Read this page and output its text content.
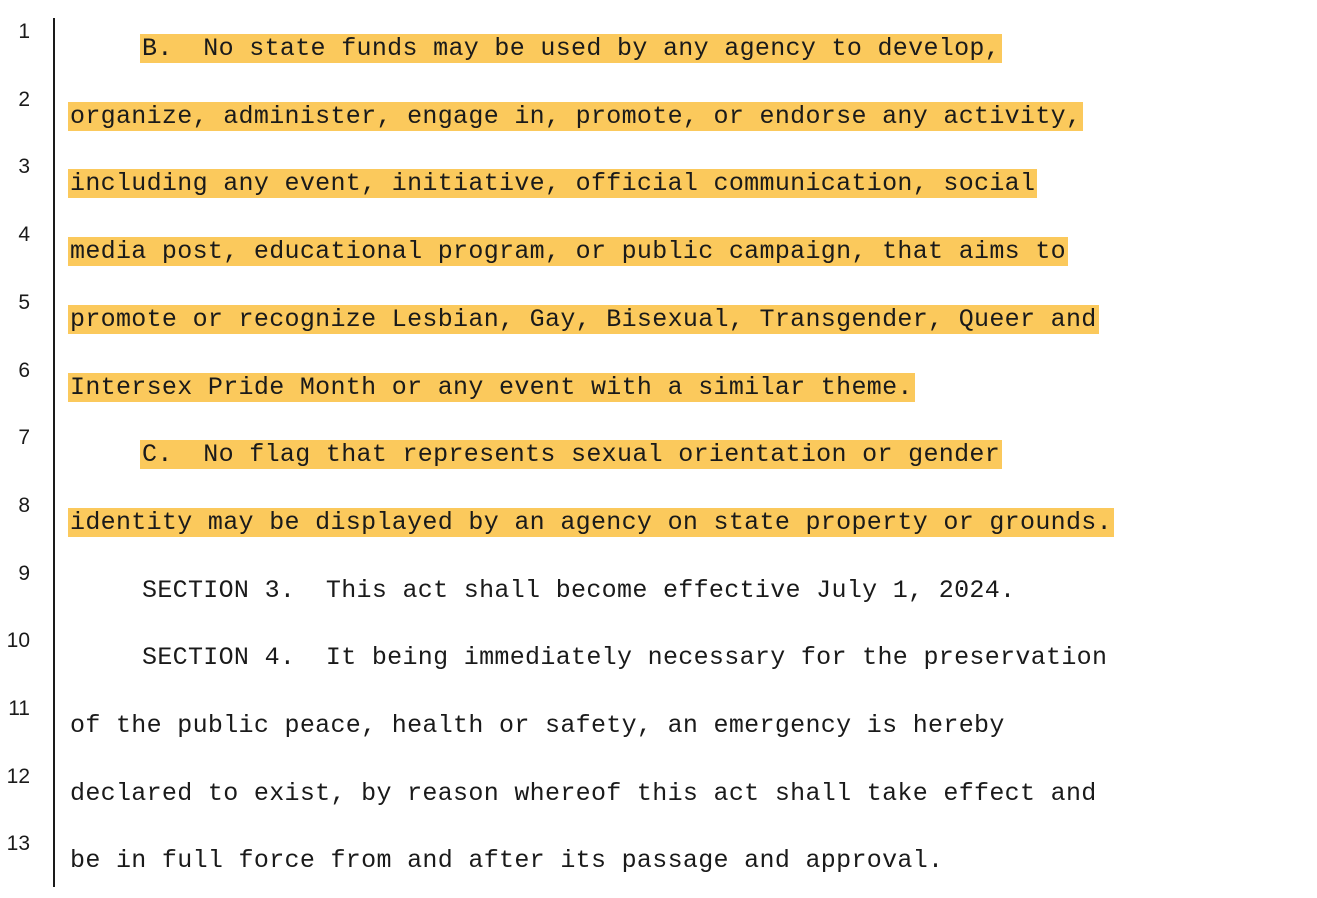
1
B.  No state funds may be used by any agency to develop,
2
organize, administer, engage in, promote, or endorse any activity,
3
including any event, initiative, official communication, social
4
media post, educational program, or public campaign, that aims to
5
promote or recognize Lesbian, Gay, Bisexual, Transgender, Queer and
6
Intersex Pride Month or any event with a similar theme.
7
C.  No flag that represents sexual orientation or gender
8
identity may be displayed by an agency on state property or grounds.
9
SECTION 3.  This act shall become effective July 1, 2024.
10
SECTION 4.  It being immediately necessary for the preservation
11
of the public peace, health or safety, an emergency is hereby
12
declared to exist, by reason whereof this act shall take effect and
13
be in full force from and after its passage and approval.
